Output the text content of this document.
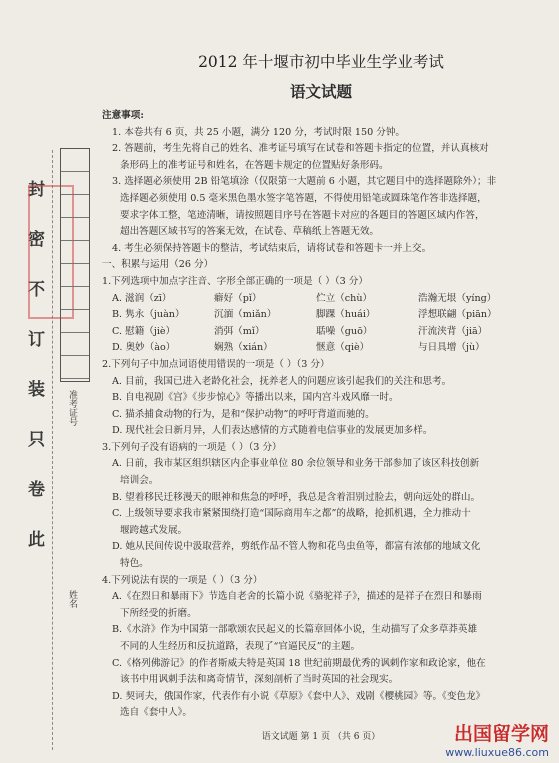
此
卷
只
装
订
不
密
封
准考证号
姓名
2012 年十堰市初中毕业生学业考试
语文试题
注意事项:
1. 本卷共有 6 页，共 25 小题，满分 120 分，考试时限 150 分钟。
2. 答题前，考生先将自己的姓名、准考证号填写在试卷和答题卡指定的位置，并认真核对
条形码上的准考证号和姓名，在答题卡规定的位置贴好条形码。
3. 选择题必须使用 2B 铅笔填涂（仅限第一大题前 6 小题，其它题目中的选择题除外）；非
选择题必须使用 0.5 毫米黑色墨水签字笔答题，不得使用铅笔或圆珠笔作答非选择题，
要求字体工整，笔迹清晰，请按照题目序号在答题卡对应的各题目的答题区域内作答，
超出答题区域书写的答案无效，在试卷、草稿纸上答题无效。
4. 考生必须保持答题卡的整洁，考试结束后，请将试卷和答题卡一并上交。
一、积累与运用（26 分）
1.下列选项中加点字注音、字形全部正确的一项是（ ）（3 分）
A. 滋润（zī）	癖好（pǐ）	伫立（chù）	浩瀚无垠（yíng）
B. 隽永（juàn）	沉湎（miǎn）	脚踝（huái）	浮想联翩（piān）
C. 慰籍（jiè）	消弭（mǐ）	聒噪（guō）	汗流浃背（jiā）
D. 奥妙（ào）	娴熟（xián）	惬意（qiè）	与日具增（jù）
2.下列句子中加点词语使用错误的一项是（ ）（3 分）
A. 目前，我国已进入老龄化社会，抚养老人的问题应该引起我们的关注和思考。
B. 自电视剧《宫》《步步惊心》等播出以来，国内宫斗戏风靡一时。
C. 猫杀捕食动物的行为，是和“保护动物”的呼吁背道而驰的。
D. 现代社会日新月异，人们表达感情的方式随着电信事业的发展更加多样。
3.下列句子没有语病的一项是（ ）（3 分）
A. 日前，我市某区组织辖区内企事业单位 80 余位领导和业务干部参加了该区科技创新
培训会。
B. 望着移民迁移漫天的眼神和焦急的呼呼，我总是含着泪别过脸去，朝向远处的群山。
C. 上级领导要求我市紧紧围绕打造“国际商用车之都”的战略，抢抓机遇，全力推动十
堰跨越式发展。
D. 她从民间传说中汲取营养，剪纸作品不管人物和花鸟虫鱼等，都富有浓郁的地域文化
特色。
4.下列说法有误的一项是（ ）（3 分）
A.《在烈日和暴雨下》节选自老舍的长篇小说《骆驼祥子》，描述的是祥子在烈日和暴雨
下所经受的折磨。
B.《水浒》作为中国第一部歌颂农民起义的长篇章回体小说，生动描写了众多草莽英雄
不同的人生经历和反抗道路，表现了“官逼民反”的主题。
C.《格列佛游记》的作者斯威夫特是英国 18 世纪前期最优秀的讽刺作家和政论家，他在
该书中用讽刺手法和离奇情节，深刻剖析了当时英国的社会现实。
D. 契诃夫，俄国作家，代表作有小说《草原》《套中人》、戏剧《樱桃园》等。《变色龙》
选自《套中人》。
语文试题 第 1 页 （共 6 页）	出国留学网
www.liuxue86.com
